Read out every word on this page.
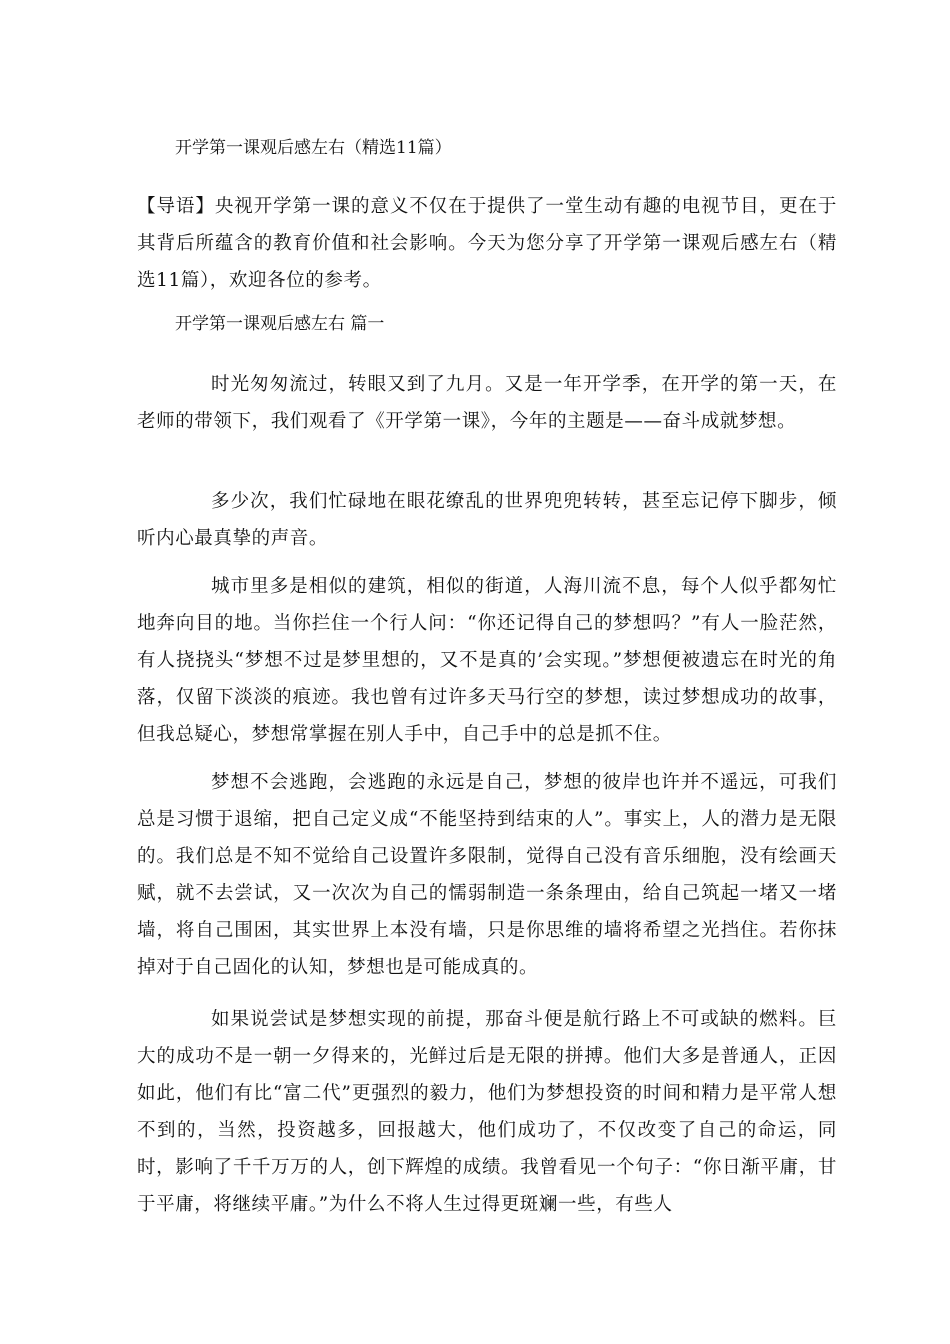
开学第一课观后感左右（精选11篇）
【导语】央视开学第一课的意义不仅在于提供了一堂生动有趣的电视节目，更在于其背后所蕴含的教育价值和社会影响。今天为您分享了开学第一课观后感左右（精选11篇），欢迎各位的参考。
开学第一课观后感左右 篇一
时光匆匆流过，转眼又到了九月。又是一年开学季，在开学的第一天，在老师的带领下，我们观看了《开学第一课》，今年的主题是——奋斗成就梦想。
多少次，我们忙碌地在眼花缭乱的世界兜兜转转，甚至忘记停下脚步，倾听内心最真挚的声音。
城市里多是相似的建筑，相似的街道，人海川流不息，每个人似乎都匆忙地奔向目的地。当你拦住一个行人问：“你还记得自己的梦想吗？”有人一脸茫然，有人挠挠头“梦想不过是梦里想的，又不是真的’会实现。”梦想便被遗忘在时光的角落，仅留下淡淡的痕迹。我也曾有过许多天马行空的梦想，读过梦想成功的故事，但我总疑心，梦想常掌握在别人手中，自己手中的总是抓不住。
梦想不会逃跑，会逃跑的永远是自己，梦想的彼岸也许并不遥远，可我们总是习惯于退缩，把自己定义成“不能坚持到结束的人”。事实上，人的潜力是无限的。我们总是不知不觉给自己设置许多限制，觉得自己没有音乐细胞，没有绘画天赋，就不去尝试，又一次次为自己的懦弱制造一条条理由，给自己筑起一堵又一堵墙，将自己围困，其实世界上本没有墙，只是你思维的墙将希望之光挡住。若你抹掉对于自己固化的认知，梦想也是可能成真的。
如果说尝试是梦想实现的前提，那奋斗便是航行路上不可或缺的燃料。巨大的成功不是一朝一夕得来的，光鲜过后是无限的拼搏。他们大多是普通人，正因如此，他们有比“富二代”更强烈的毅力，他们为梦想投资的时间和精力是平常人想不到的，当然，投资越多，回报越大，他们成功了，不仅改变了自己的命运，同时，影响了千千万万的人，创下辉煌的成绩。我曾看见一个句子：“你日渐平庸，甘于平庸，将继续平庸。”为什么不将人生过得更斑斓一些，有些人
